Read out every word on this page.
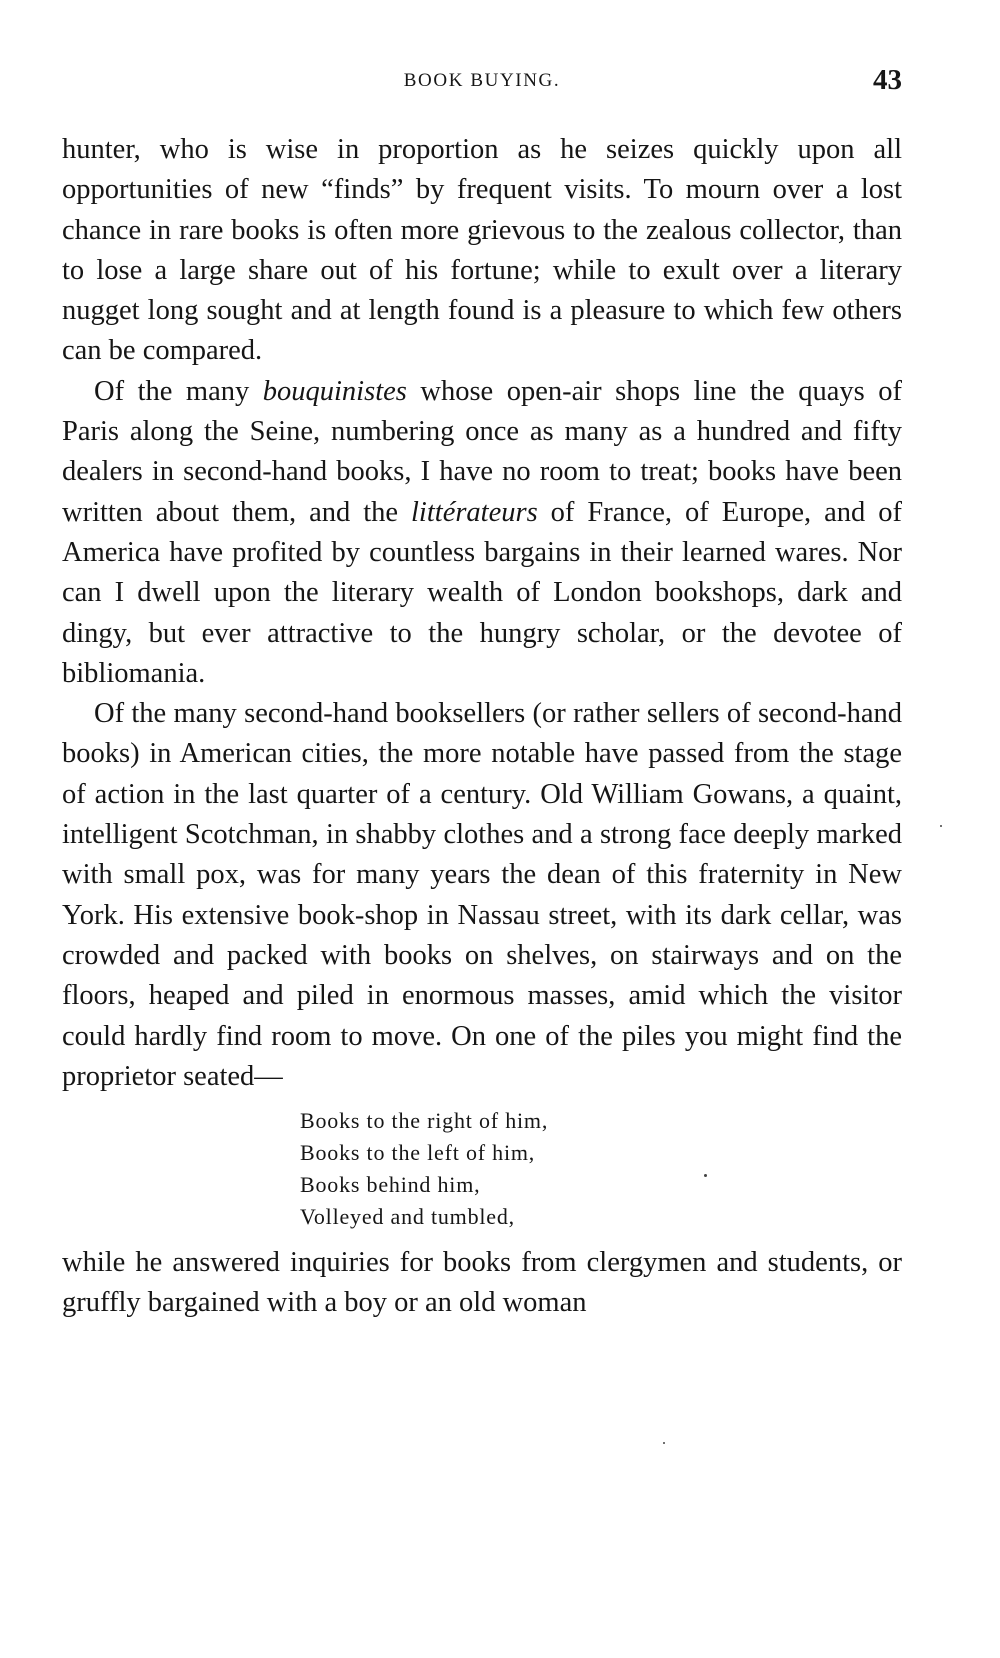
BOOK BUYING.	43

hunter, who is wise in proportion as he seizes quickly upon all opportunities of new “finds” by frequent visits. To mourn over a lost chance in rare books is often more grievous to the zealous collector, than to lose a large share out of his fortune; while to exult over a literary nugget long sought and at length found is a pleasure to which few others can be compared.

Of the many bouquinistes whose open-air shops line the quays of Paris along the Seine, numbering once as many as a hundred and fifty dealers in second-hand books, I have no room to treat; books have been written about them, and the littérateurs of France, of Europe, and of America have profited by countless bargains in their learned wares. Nor can I dwell upon the literary wealth of London bookshops, dark and dingy, but ever attractive to the hungry scholar, or the devotee of bibliomania.

Of the many second-hand booksellers (or rather sellers of second-hand books) in American cities, the more notable have passed from the stage of action in the last quarter of a century. Old William Gowans, a quaint, intelligent Scotchman, in shabby clothes and a strong face deeply marked with small pox, was for many years the dean of this fraternity in New York. His extensive book-shop in Nassau street, with its dark cellar, was crowded and packed with books on shelves, on stairways and on the floors, heaped and piled in enormous masses, amid which the visitor could hardly find room to move. On one of the piles you might find the proprietor seated—

Books to the right of him,
Books to the left of him,
Books behind him,
Volleyed and tumbled,

while he answered inquiries for books from clergymen and students, or gruffly bargained with a boy or an old woman
